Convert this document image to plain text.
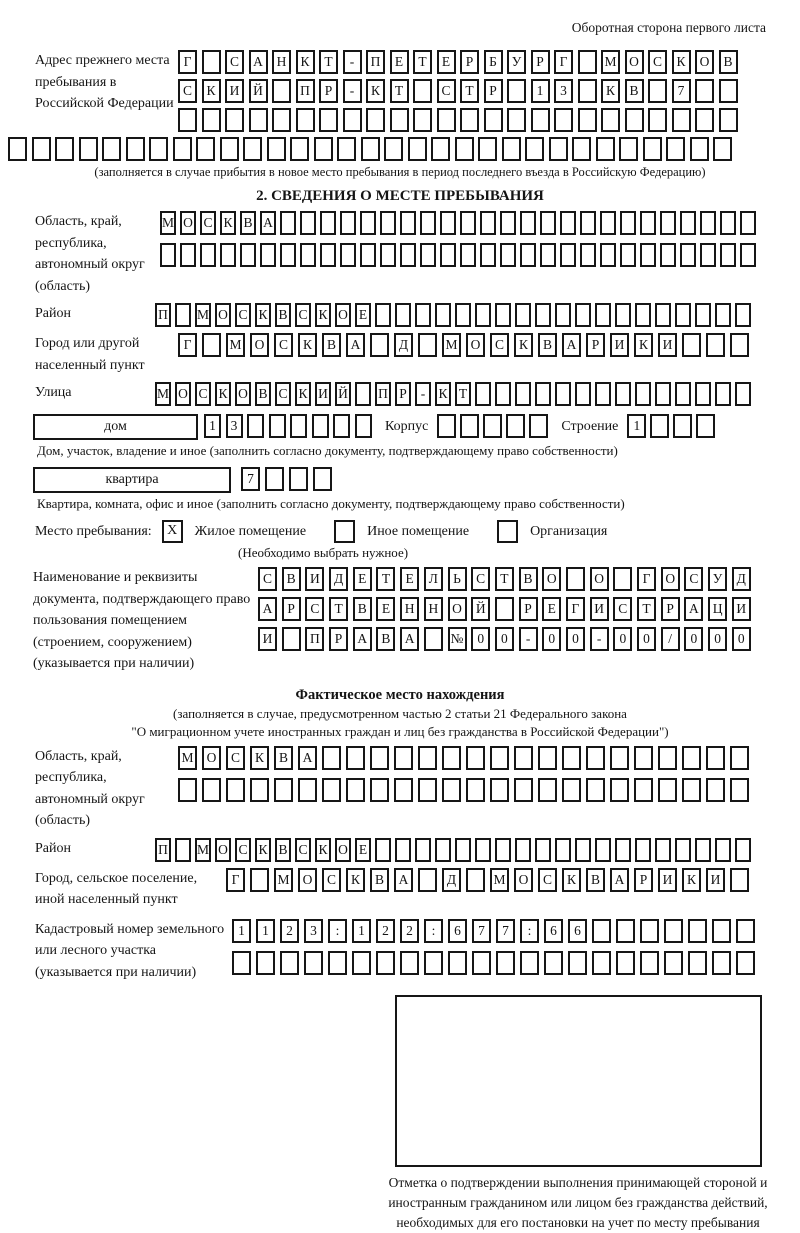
Оборотная сторона первого листа
Адрес прежнего места пребывания в Российской Федерации
Г	С	А	Н	К	Т	-	П	Е	Т	Е	Р	Б	У	Р	Г	М О	С	К	О	В
С	К	И	Й	П	Р	-	К	Т	С	Т	Р	1	3	К	В	7
(заполняется в случае прибытия в новое место пребывания в период последнего въезда в Российскую Федерацию)
2. СВЕДЕНИЯ О МЕСТЕ ПРЕБЫВАНИЯ
Область, край, республика, автономный округ (область)
М О С К В А
Район	П М О С К В С К О Е
Город или другой населенный пункт
Г	М О	С	К	В	А	Д	М О	С	К	В	А	Р	И	К	И
Улица	М О С К О В С К И Й П Р	- К Т
дом	1	3	Корпус	Строение	1
Дом, участок, владение и иное (заполнить согласно документу, подтверждающему право собственности)
квартира	7
Квартира, комната, офис и иное (заполнить согласно документу, подтверждающему право собственности)
Место пребывания:	X	Жилое помещение	Иное помещение	Организация
(Необходимо выбрать нужное)
Наименование и реквизиты документа, подтверждающего право пользования помещением (строением, сооружением) (указывается при наличии)
С	В	И	Д	Е	Т	Е	Л	Ь	С	Т	В	О	О	Г	О	С	У	Д
А	Р	С	Т	В	Е	Н	Н	О	Й	Р	Е	Г	И	С	Т	Р	А	Ц	И
И	П	Р	А	В	А	№	0	0	-	0	0	-	0	0	/	0	0	0
Фактическое место нахождения
(заполняется в случае, предусмотренном частью 2 статьи 21 Федерального закона
"О миграционном учете иностранных граждан и лиц без гражданства в Российской Федерации")
Область, край, республика, автономный округ (область)
М О	С	К	В	А
Район	П М О С К В С К О Е
Город, сельское поселение, иной населенный пункт
Г	М О	С	К	В	А	Д	М О	С	К	В	А	Р	И	К	И
Кадастровый номер земельного или лесного участка (указывается при наличии)
1	1	2	3	:	1	2	2	:	6	7	7	:	6	6
Отметка о подтверждении выполнения принимающей стороной и иностранным гражданином или лицом без гражданства действий, необходимых для его постановки на учет по месту пребывания
